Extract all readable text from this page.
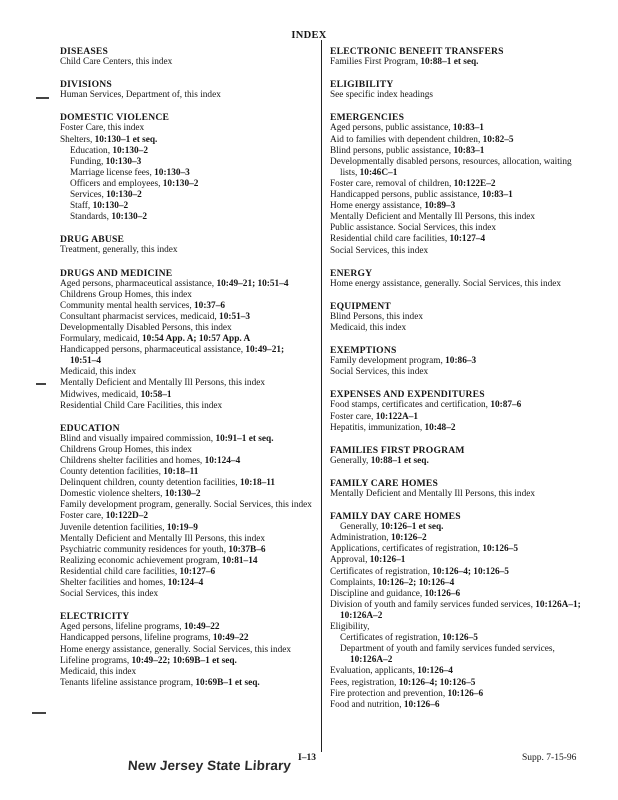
INDEX
DISEASES
Child Care Centers, this index
DIVISIONS
Human Services, Department of, this index
DOMESTIC VIOLENCE
Foster Care, this index
Shelters, 10:130–1 et seq.
Education, 10:130–2
Funding, 10:130–3
Marriage license fees, 10:130–3
Officers and employees, 10:130–2
Services, 10:130–2
Staff, 10:130–2
Standards, 10:130–2
DRUG ABUSE
Treatment, generally, this index
DRUGS AND MEDICINE
Aged persons, pharmaceutical assistance, 10:49–21; 10:51–4
Childrens Group Homes, this index
Community mental health services, 10:37–6
Consultant pharmacist services, medicaid, 10:51–3
Developmentally Disabled Persons, this index
Formulary, medicaid, 10:54 App. A; 10:57 App. A
Handicapped persons, pharmaceutical assistance, 10:49–21; 10:51–4
Medicaid, this index
Mentally Deficient and Mentally Ill Persons, this index
Midwives, medicaid, 10:58–1
Residential Child Care Facilities, this index
EDUCATION
Blind and visually impaired commission, 10:91–1 et seq.
Childrens Group Homes, this index
Childrens shelter facilities and homes, 10:124–4
County detention facilities, 10:18–11
Delinquent children, county detention facilities, 10:18–11
Domestic violence shelters, 10:130–2
Family development program, generally. Social Services, this index
Foster care, 10:122D–2
Juvenile detention facilities, 10:19–9
Mentally Deficient and Mentally Ill Persons, this index
Psychiatric community residences for youth, 10:37B–6
Realizing economic achievement program, 10:81–14
Residential child care facilities, 10:127–6
Shelter facilities and homes, 10:124–4
Social Services, this index
ELECTRICITY
Aged persons, lifeline programs, 10:49–22
Handicapped persons, lifeline programs, 10:49–22
Home energy assistance, generally. Social Services, this index
Lifeline programs, 10:49–22; 10:69B–1 et seq.
Medicaid, this index
Tenants lifeline assistance program, 10:69B–1 et seq.
ELECTRONIC BENEFIT TRANSFERS
Families First Program, 10:88–1 et seq.
ELIGIBILITY
See specific index headings
EMERGENCIES
Aged persons, public assistance, 10:83–1
Aid to families with dependent children, 10:82–5
Blind persons, public assistance, 10:83–1
Developmentally disabled persons, resources, allocation, waiting lists, 10:46C–1
Foster care, removal of children, 10:122E–2
Handicapped persons, public assistance, 10:83–1
Home energy assistance, 10:89–3
Mentally Deficient and Mentally Ill Persons, this index
Public assistance. Social Services, this index
Residential child care facilities, 10:127–4
Social Services, this index
ENERGY
Home energy assistance, generally. Social Services, this index
EQUIPMENT
Blind Persons, this index
Medicaid, this index
EXEMPTIONS
Family development program, 10:86–3
Social Services, this index
EXPENSES AND EXPENDITURES
Food stamps, certificates and certification, 10:87–6
Foster care, 10:122A–1
Hepatitis, immunization, 10:48–2
FAMILIES FIRST PROGRAM
Generally, 10:88–1 et seq.
FAMILY CARE HOMES
Mentally Deficient and Mentally Ill Persons, this index
FAMILY DAY CARE HOMES
Generally, 10:126–1 et seq.
Administration, 10:126–2
Applications, certificates of registration, 10:126–5
Approval, 10:126–1
Certificates of registration, 10:126–4; 10:126–5
Complaints, 10:126–2; 10:126–4
Discipline and guidance, 10:126–6
Division of youth and family services funded services, 10:126A–1; 10:126A–2
Eligibility,
Certificates of registration, 10:126–5
Department of youth and family services funded services, 10:126A–2
Evaluation, applicants, 10:126–4
Fees, registration, 10:126–4; 10:126–5
Fire protection and prevention, 10:126–6
Food and nutrition, 10:126–6
I–13	Supp. 7-15-96
New Jersey State Library
